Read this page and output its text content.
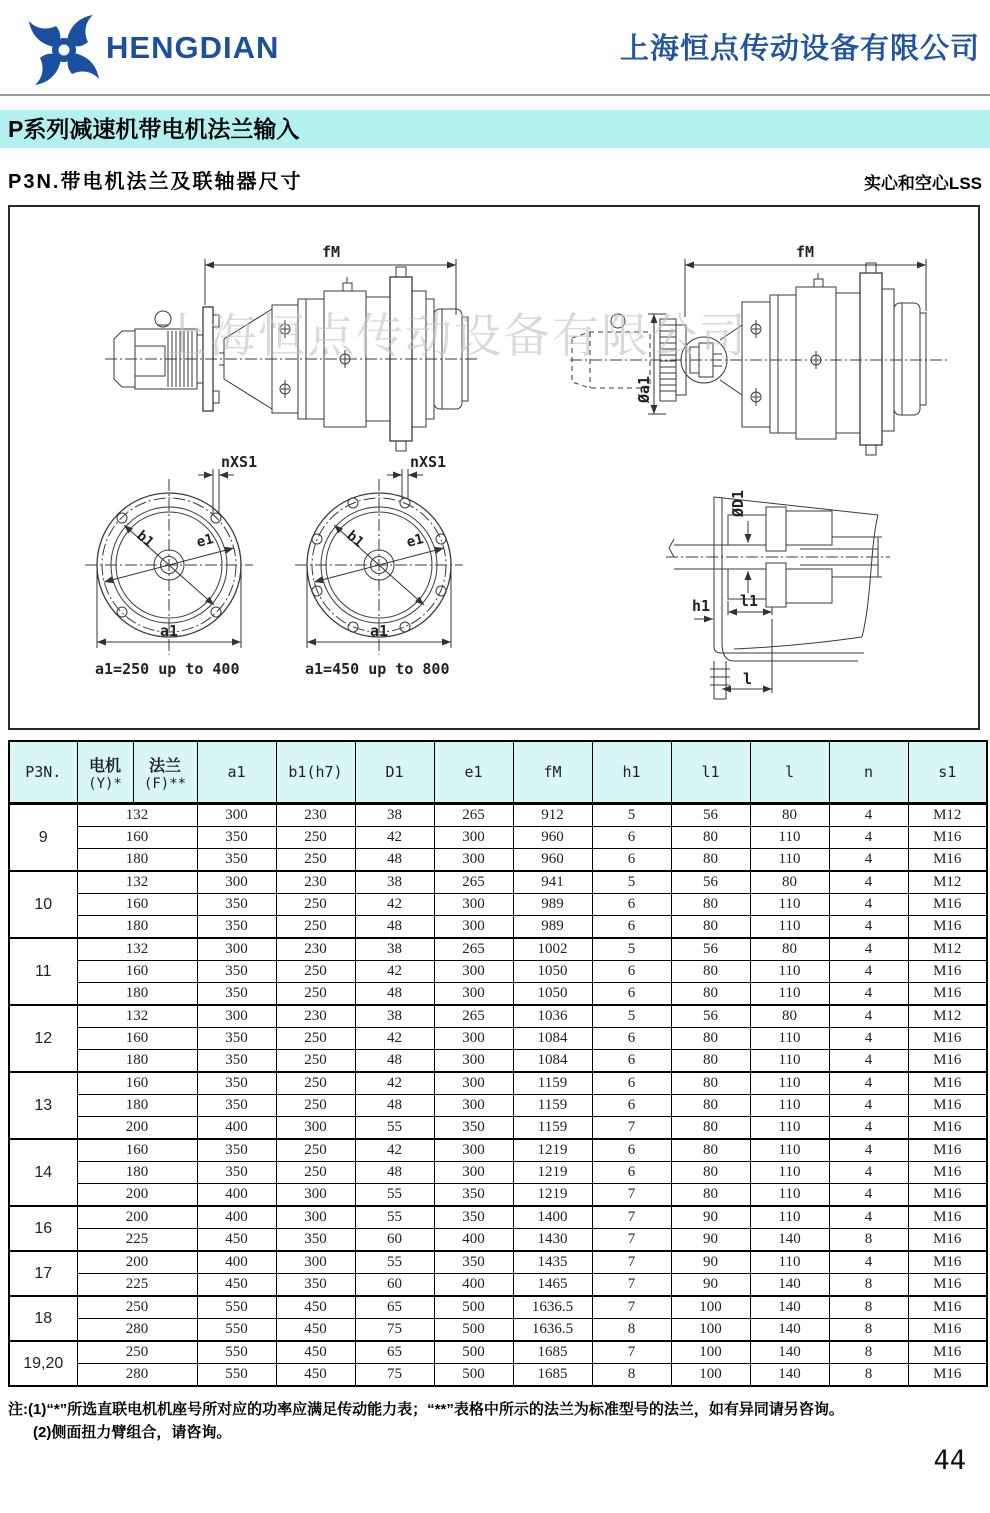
HENGDIAN	上海恒点传动设备有限公司
P系列减速机带电机法兰输入
P3N.带电机法兰及联轴器尺寸	实心和空心LSS
fM	fM
Øa1
nXS1
b1	e1
a1
a1=250 up to 400
nXS1
b1	e1
a1
a1=450 up to 800
ØD1
l1
h1
l
上海恒点传动设备有限公司
P3N.	电机
(Y)*

法兰
(F)**
	a1	b1(h7)	D1	e1	fM	h1	l1	l	n	s1
9	132		300	230	38	265	912	5	56	80	4	M12
	160		350	250	42	300	960	6	80	110	4	M16
	180		350	250	48	300	960	6	80	110	4	M16
10	132		300	230	38	265	941	5	56	80	4	M12
	160		350	250	42	300	989	6	80	110	4	M16
	180		350	250	48	300	989	6	80	110	4	M16
11	132		300	230	38	265	1002	5	56	80	4	M12
	160		350	250	42	300	1050	6	80	110	4	M16
	180		350	250	48	300	1050	6	80	110	4	M16
12	132		300	230	38	265	1036	5	56	80	4	M12
	160		350	250	42	300	1084	6	80	110	4	M16
	180		350	250	48	300	1084	6	80	110	4	M16
13	160		350	250	42	300	1159	6	80	110	4	M16
	180		350	250	48	300	1159	6	80	110	4	M16
	200		400	300	55	350	1159	7	80	110	4	M16
14	160		350	250	42	300	1219	6	80	110	4	M16
	180		350	250	48	300	1219	6	80	110	4	M16
	200		400	300	55	350	1219	7	80	110	4	M16
16	200		400	300	55	350	1400	7	90	110	4	M16
	225		450	350	60	400	1430	7	90	140	8	M16
17	200		400	300	55	350	1435	7	90	110	4	M16
	225		450	350	60	400	1465	7	90	140	8	M16
18	250		550	450	65	500	1636.5	7	100	140	8	M16
	280		550	450	75	500	1636.5	8	100	140	8	M16
19,20	250		550	450	65	500	1685	7	100	140	8	M16
	280		550	450	75	500	1685	8	100	140	8	M16
注:(1)“*”所选直联电机机座号所对应的功率应满足传动能力表；“**”表格中所示的法兰为标准型号的法兰，如有异同请另咨询。
(2)侧面扭力臂组合，请咨询。
44
